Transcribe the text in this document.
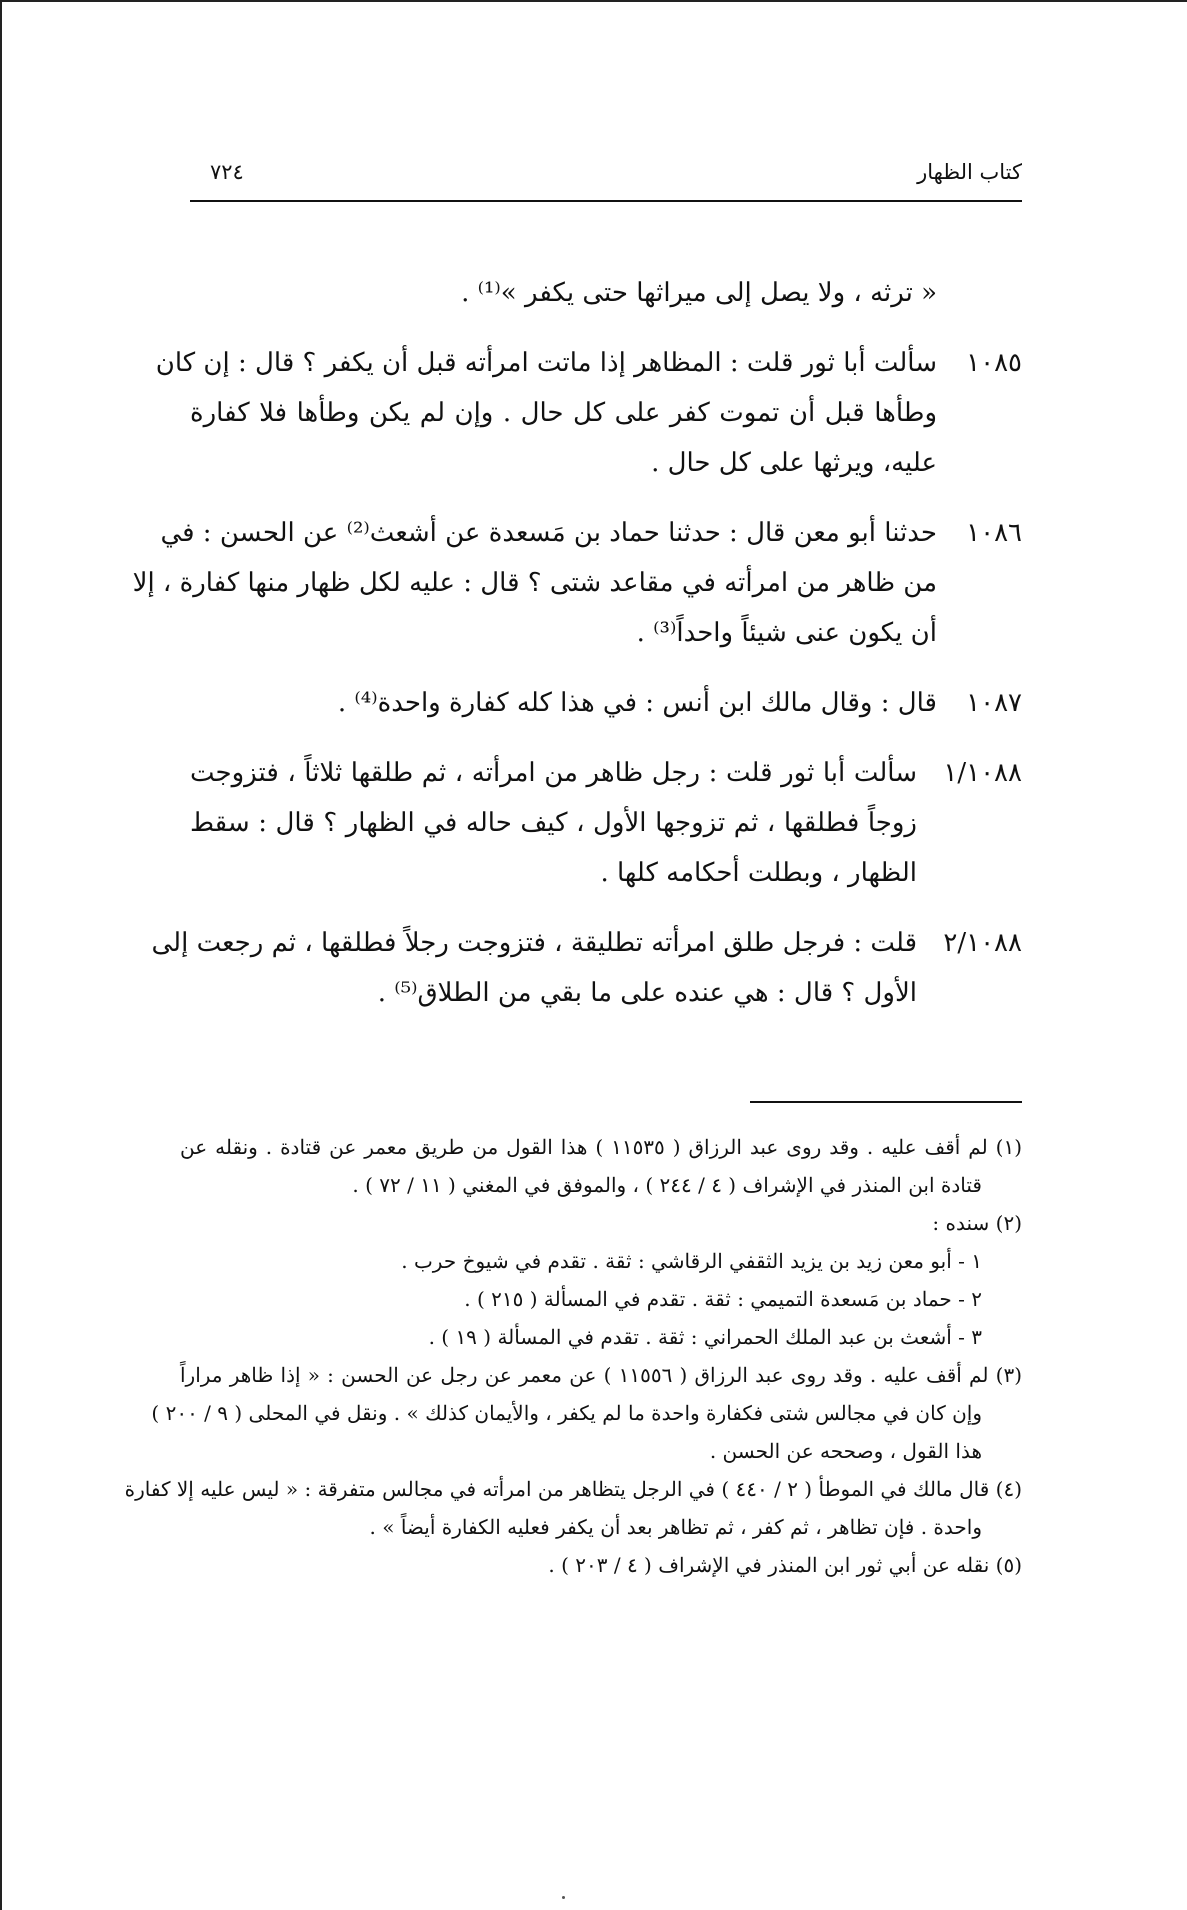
كتاب الظهار
٧٢٤
« ترثه ، ولا يصل إلى ميراثها حتى يكفر »⁽¹⁾ .
١٠٨٥
سألت أبا ثور قلت : المظاهر إذا ماتت امرأته قبل أن يكفر ؟ قال : إن كان
وطأها قبل أن تموت كفر على كل حال . وإن لم يكن وطأها فلا كفارة
عليه، ويرثها على كل حال .
١٠٨٦
حدثنا أبو معن قال : حدثنا حماد بن مَسعدة عن أشعث⁽²⁾ عن الحسن : في
من ظاهر من امرأته في مقاعد شتى ؟ قال : عليه لكل ظهار منها كفارة ، إلا
أن يكون عنى شيئاً واحداً⁽³⁾ .
١٠٨٧
قال : وقال مالك ابن أنس : في هذا كله كفارة واحدة⁽⁴⁾ .
١/١٠٨٨
سألت أبا ثور قلت : رجل ظاهر من امرأته ، ثم طلقها ثلاثاً ، فتزوجت
زوجاً فطلقها ، ثم تزوجها الأول ، كيف حاله في الظهار ؟ قال : سقط
الظهار ، وبطلت أحكامه كلها .
٢/١٠٨٨
قلت : فرجل طلق امرأته تطليقة ، فتزوجت رجلاً فطلقها ، ثم رجعت إلى
الأول ؟ قال : هي عنده على ما بقي من الطلاق⁽⁵⁾ .
(١) لم أقف عليه . وقد روى عبد الرزاق ( ١١٥٣٥ ) هذا القول من طريق معمر عن قتادة . ونقله عن
قتادة ابن المنذر في الإشراف ( ٤ / ٢٤٤ ) ، والموفق في المغني ( ١١ / ٧٢ ) .
(٢) سنده :
١ - أبو معن زيد بن يزيد الثقفي الرقاشي : ثقة . تقدم في شيوخ حرب .
٢ - حماد بن مَسعدة التميمي : ثقة . تقدم في المسألة ( ٢١٥ ) .
٣ - أشعث بن عبد الملك الحمراني : ثقة . تقدم في المسألة ( ١٩ ) .
(٣) لم أقف عليه . وقد روى عبد الرزاق ( ١١٥٥٦ ) عن معمر عن رجل عن الحسن : « إذا ظاهر مراراً
وإن كان في مجالس شتى فكفارة واحدة ما لم يكفر ، والأيمان كذلك » . ونقل في المحلى ( ٩ / ٢٠٠ )
هذا القول ، وصححه عن الحسن .
(٤) قال مالك في الموطأ ( ٢ / ٤٤٠ ) في الرجل يتظاهر من امرأته في مجالس متفرقة : « ليس عليه إلا كفارة
واحدة . فإن تظاهر ، ثم كفر ، ثم تظاهر بعد أن يكفر فعليه الكفارة أيضاً » .
(٥) نقله عن أبي ثور ابن المنذر في الإشراف ( ٤ / ٢٠٣ ) .
